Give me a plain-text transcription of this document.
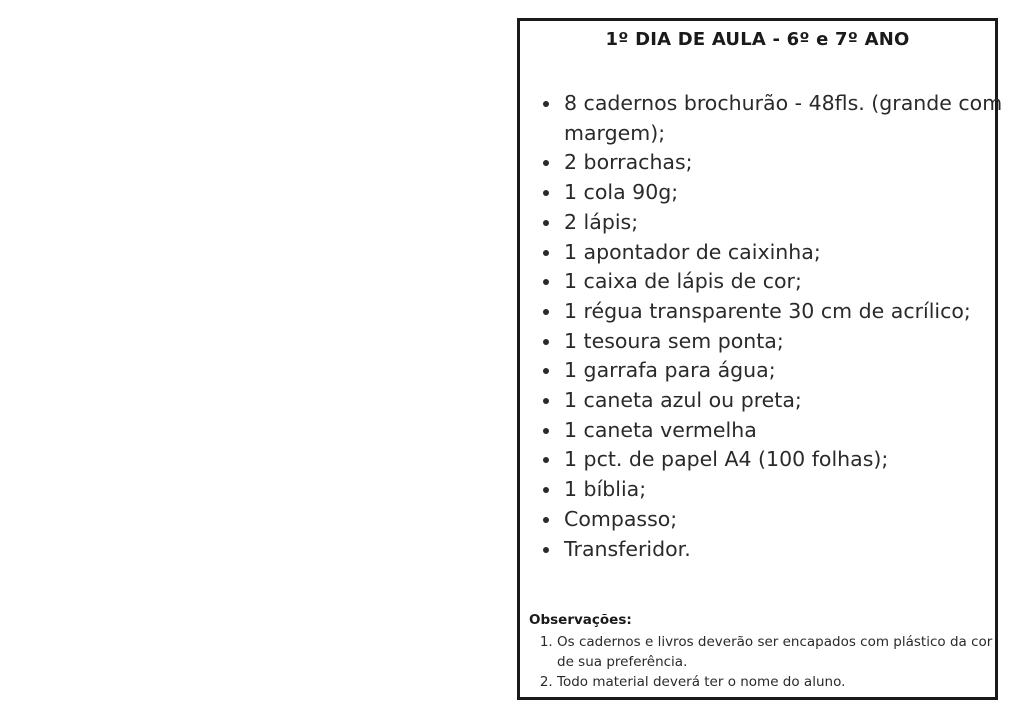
1º DIA DE AULA - 6º e 7º ANO
• 8 cadernos brochurão - 48fls. (grande com margem);
• 2 borrachas;
• 1 cola 90g;
• 2 lápis;
• 1 apontador de caixinha;
• 1 caixa de lápis de cor;
• 1 régua transparente 30 cm de acrílico;
• 1 tesoura sem ponta;
• 1 garrafa para água;
• 1 caneta azul ou preta;
• 1 caneta vermelha
• 1 pct. de papel A4 (100 folhas);
• 1 bíblia;
• Compasso;
• Transferidor.
Observações:
1. Os cadernos e livros deverão ser encapados com plástico da cor de sua preferência.
2. Todo material deverá ter o nome do aluno.
